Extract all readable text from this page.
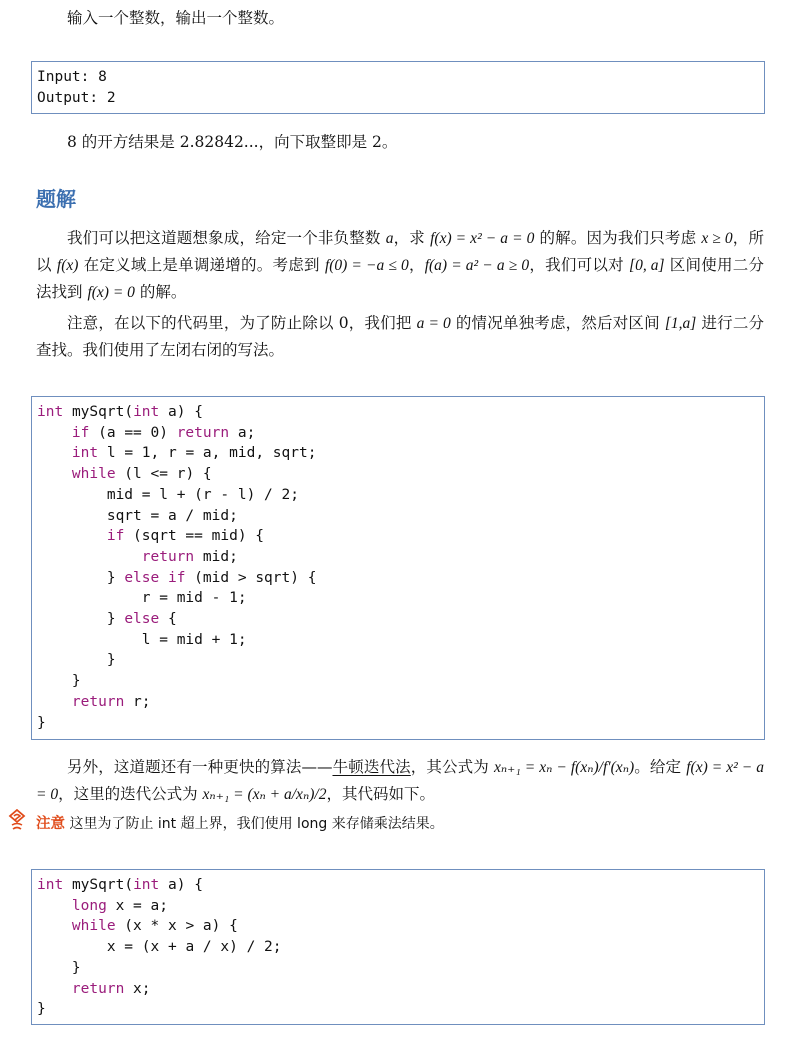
输入一个整数，输出一个整数。
Input: 8
Output: 2
8 的开方结果是 2.82842...，向下取整即是 2。
题解
我们可以把这道题想象成，给定一个非负整数 a，求 f(x) = x² − a = 0 的解。因为我们只考虑 x ≥ 0，所以 f(x) 在定义域上是单调递增的。考虑到 f(0) = −a ≤ 0，f(a) = a² − a ≥ 0，我们可以对 [0, a] 区间使用二分法找到 f(x) = 0 的解。
注意，在以下的代码里，为了防止除以 0，我们把 a = 0 的情况单独考虑，然后对区间 [1,a] 进行二分查找。我们使用了左闭右闭的写法。
int mySqrt(int a) {
if (a == 0) return a;
int l = 1, r = a, mid, sqrt;
while (l <= r) {
mid = l + (r - l) / 2;
sqrt = a / mid;
if (sqrt == mid) {
return mid;
} else if (mid > sqrt) {
r = mid - 1;
} else {
l = mid + 1;
}
}
return r;
}
另外，这道题还有一种更快的算法——牛顿迭代法，其公式为 xₙ₊₁ = xₙ − f(xₙ)/f′(xₙ)。给定 f(x) = x² − a = 0，这里的迭代公式为 xₙ₊₁ = (xₙ + a/xₙ)/2，其代码如下。
注意 这里为了防止 int 超上界，我们使用 long 来存储乘法结果。
int mySqrt(int a) {
long x = a;
while (x * x > a) {
x = (x + a / x) / 2;
}
return x;
}
